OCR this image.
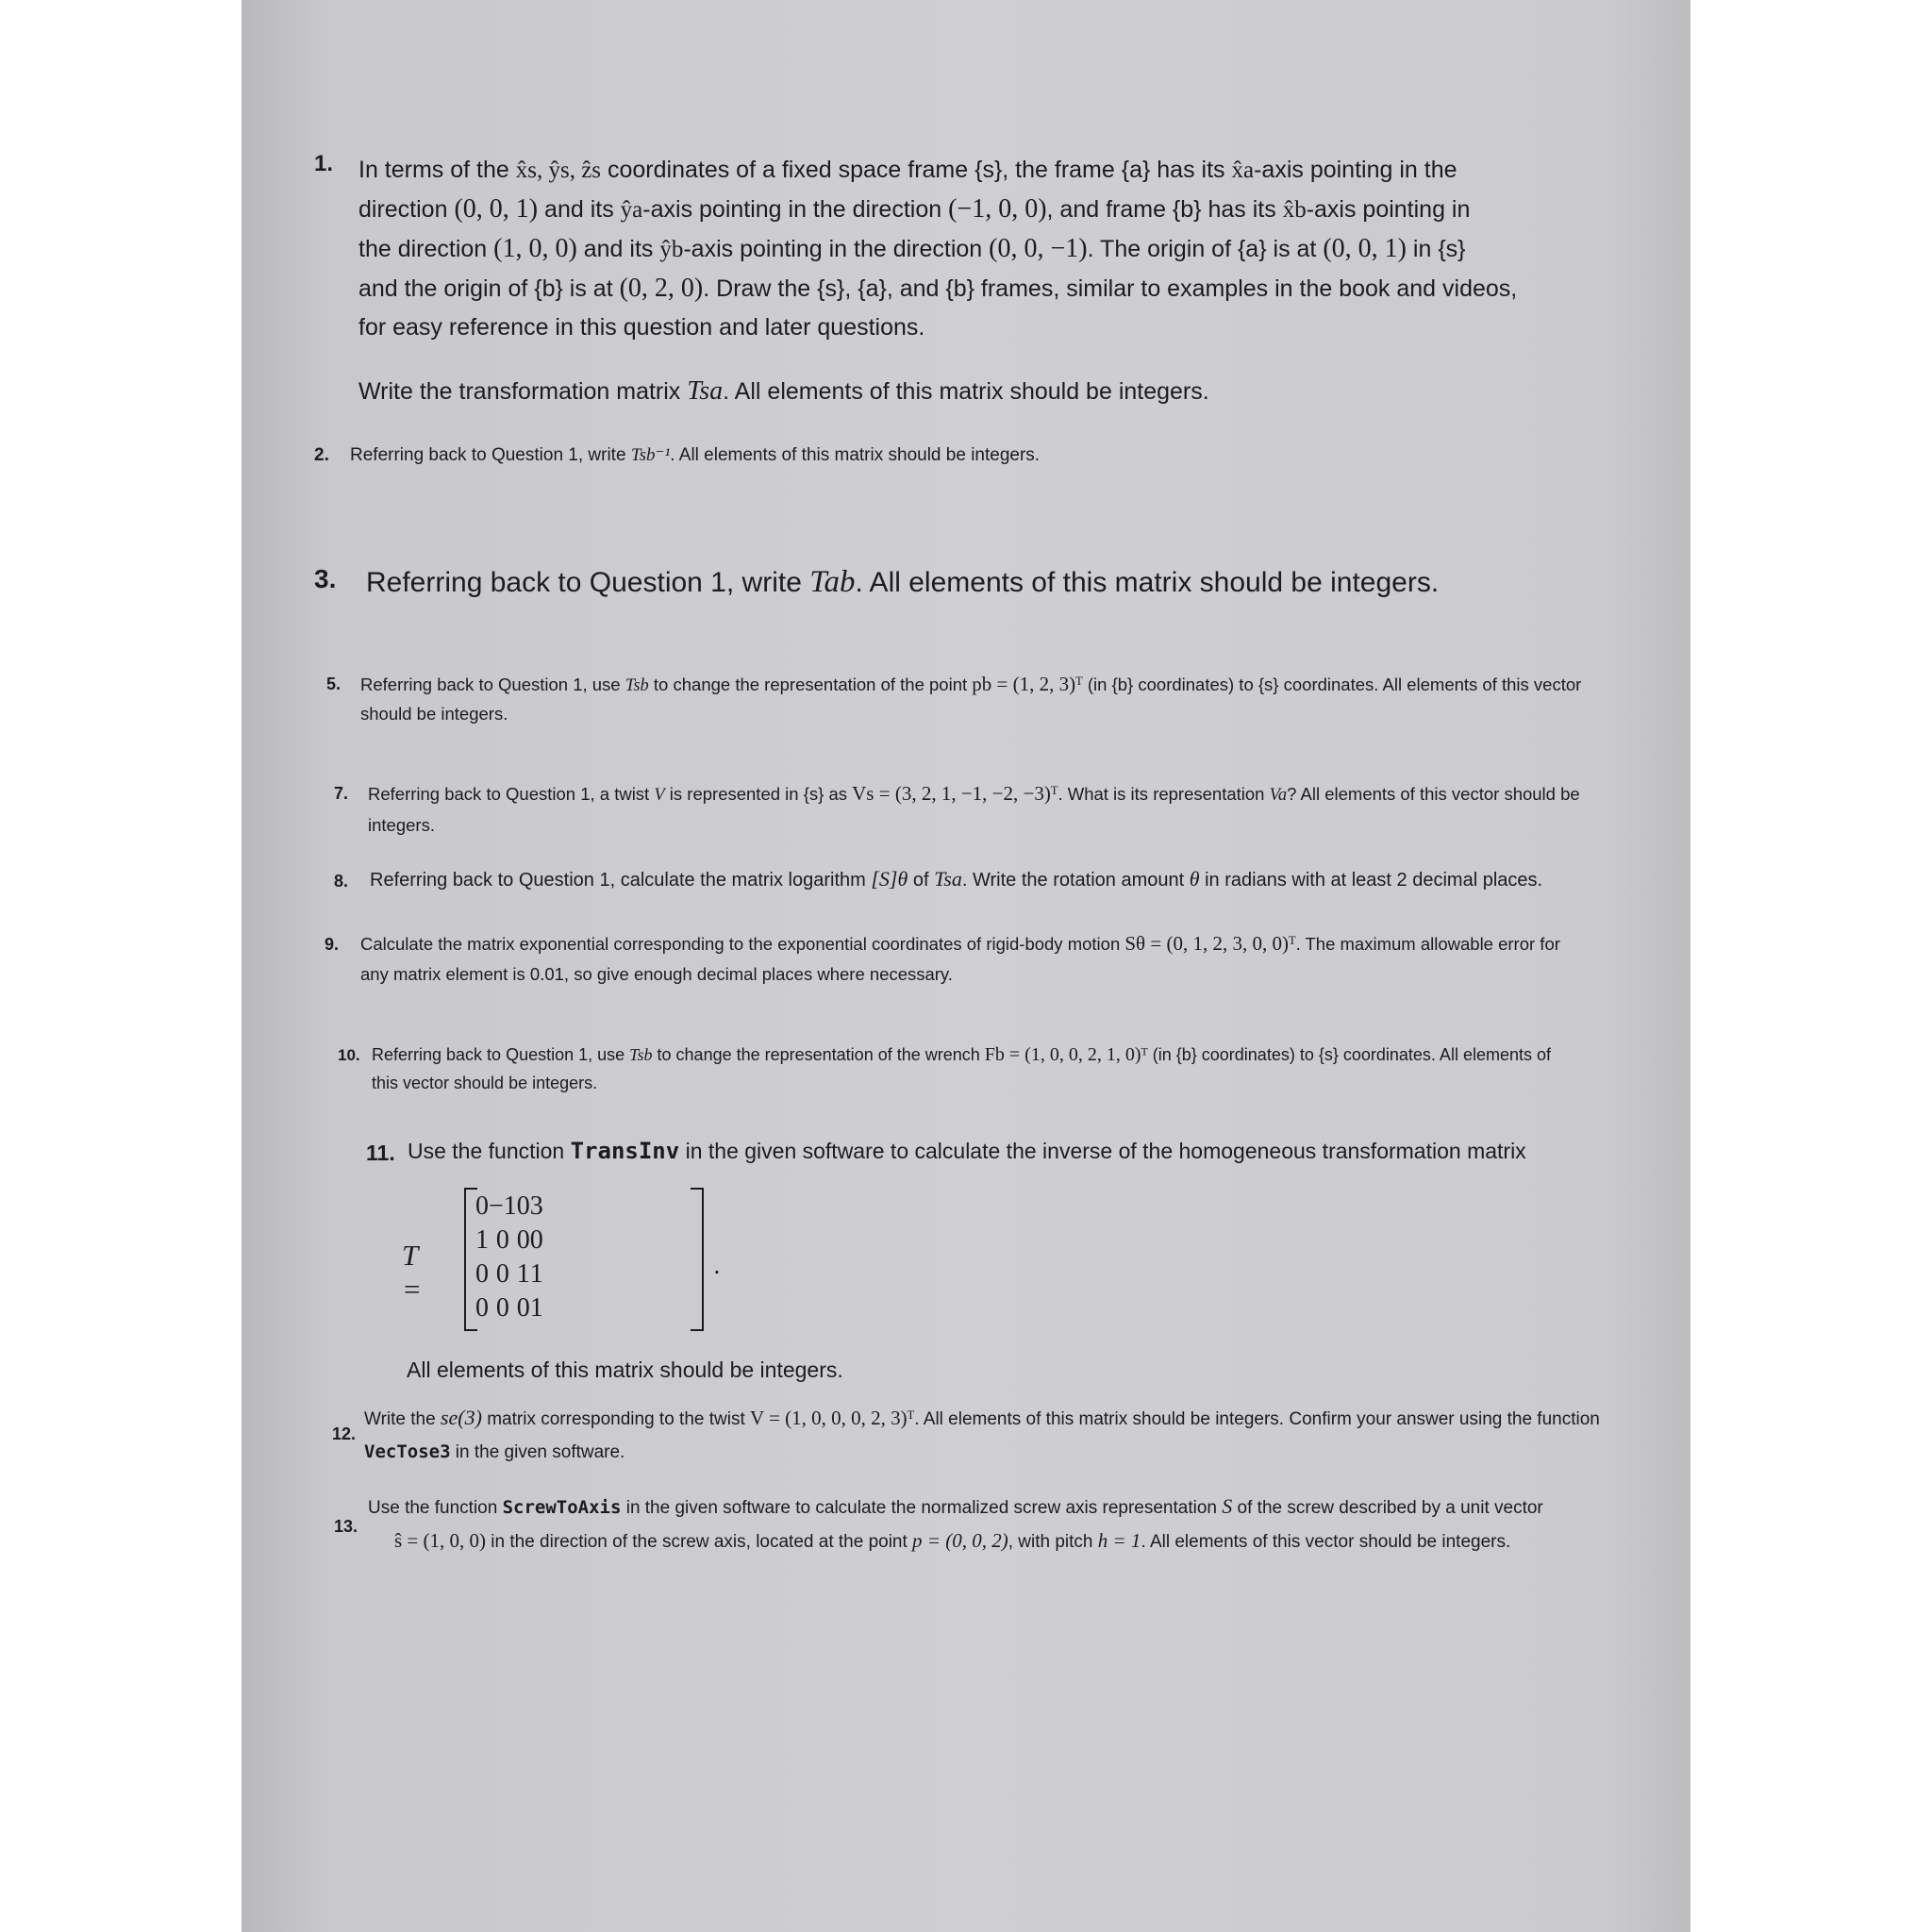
1. In terms of the x̂s, ŷs, ẑs coordinates of a fixed space frame {s}, the frame {a} has its x̂a-axis pointing in the
direction (0, 0, 1) and its ŷa-axis pointing in the direction (−1, 0, 0), and frame {b} has its x̂b-axis pointing in
the direction (1, 0, 0) and its ŷb-axis pointing in the direction (0, 0, −1). The origin of {a} is at (0, 0, 1) in {s}
and the origin of {b} is at (0, 2, 0). Draw the {s}, {a}, and {b} frames, similar to examples in the book and videos,
for easy reference in this question and later questions.
Write the transformation matrix Tsa. All elements of this matrix should be integers.
2. Referring back to Question 1, write Tsb⁻¹. All elements of this matrix should be integers.
3. Referring back to Question 1, write Tab. All elements of this matrix should be integers.
5. Referring back to Question 1, use Tsb to change the representation of the point pb = (1, 2, 3)ᵀ (in {b} coordinates) to {s} coordinates. All elements of this vector
should be integers.
7. Referring back to Question 1, a twist V is represented in {s} as Vs = (3, 2, 1, −1, −2, −3)ᵀ. What is its representation Va? All elements of this vector should be
integers.
8. Referring back to Question 1, calculate the matrix logarithm [S]θ of Tsa. Write the rotation amount θ in radians with at least 2 decimal places.
9. Calculate the matrix exponential corresponding to the exponential coordinates of rigid-body motion Sθ = (0, 1, 2, 3, 0, 0)ᵀ. The maximum allowable error for
any matrix element is 0.01, so give enough decimal places where necessary.
10. Referring back to Question 1, use Tsb to change the representation of the wrench Fb = (1, 0, 0, 2, 1, 0)ᵀ (in {b} coordinates) to {s} coordinates. All elements of
this vector should be integers.
11. Use the function TransInv in the given software to calculate the inverse of the homogeneous transformation matrix
T =
0	−1	0	3
1	0	0	0
0	0	1	1
0	0	0	1
.
All elements of this matrix should be integers.
12.
Write the se(3) matrix corresponding to the twist V = (1, 0, 0, 0, 2, 3)ᵀ. All elements of this matrix should be integers. Confirm your answer using the function
VecTose3 in the given software.
13.
Use the function ScrewToAxis in the given software to calculate the normalized screw axis representation S of the screw described by a unit vector
ŝ = (1, 0, 0) in the direction of the screw axis, located at the point p = (0, 0, 2), with pitch h = 1. All elements of this vector should be integers.
